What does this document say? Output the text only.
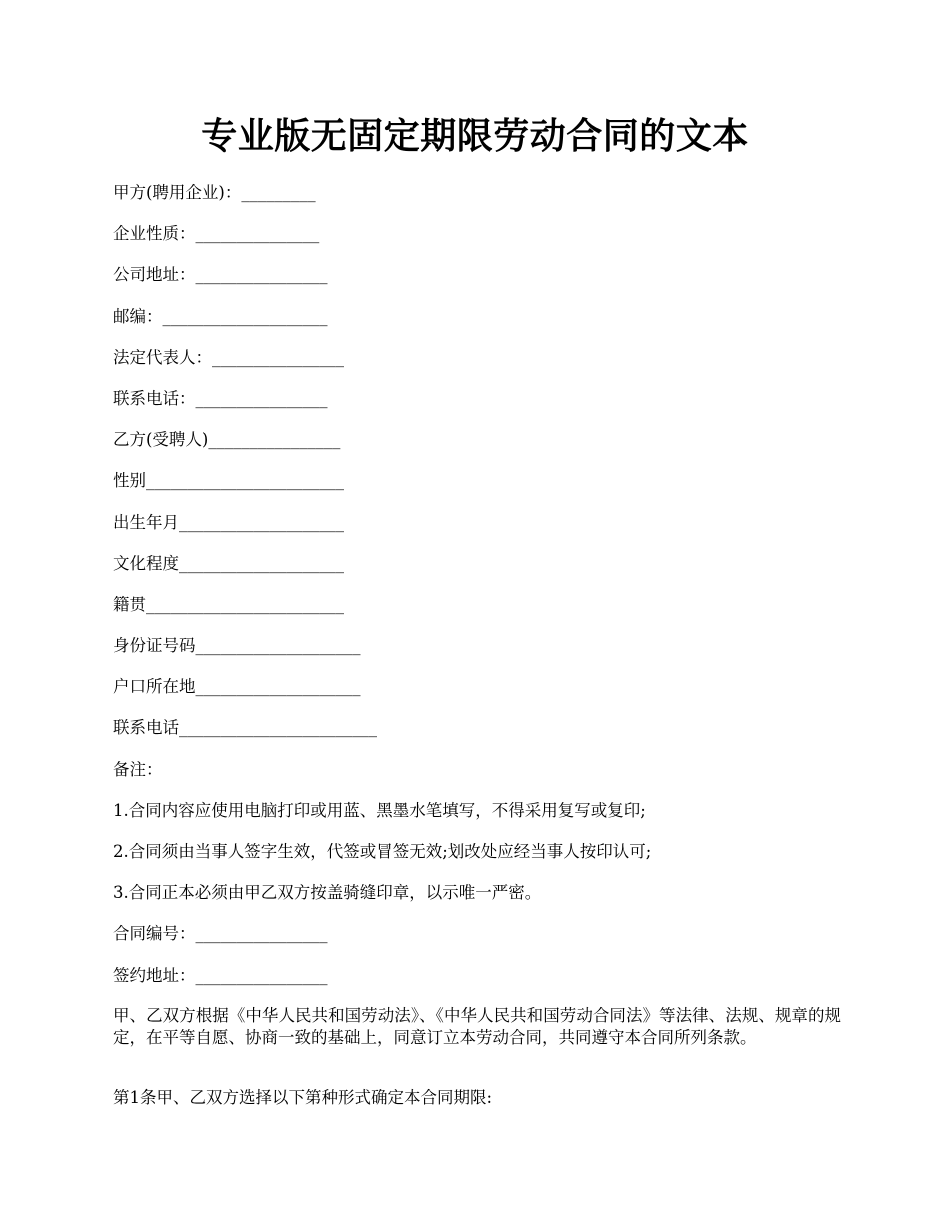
专业版无固定期限劳动合同的文本
甲方(聘用企业)：_________
企业性质：_______________
公司地址：________________
邮编：____________________
法定代表人：________________
联系电话：________________
乙方(受聘人)________________
性别________________________
出生年月____________________
文化程度____________________
籍贯________________________
身份证号码____________________
户口所在地____________________
联系电话________________________
备注：
1.合同内容应使用电脑打印或用蓝、黑墨水笔填写，不得采用复写或复印;
2.合同须由当事人签字生效，代签或冒签无效;划改处应经当事人按印认可;
3.合同正本必须由甲乙双方按盖骑缝印章，以示唯一严密。
合同编号：________________
签约地址：________________
甲、乙双方根据《中华人民共和国劳动法》、《中华人民共和国劳动合同法》等法律、法规、规章的规定，在平等自愿、协商一致的基础上，同意订立本劳动合同，共同遵守本合同所列条款。
第1条甲、乙双方选择以下第种形式确定本合同期限:
